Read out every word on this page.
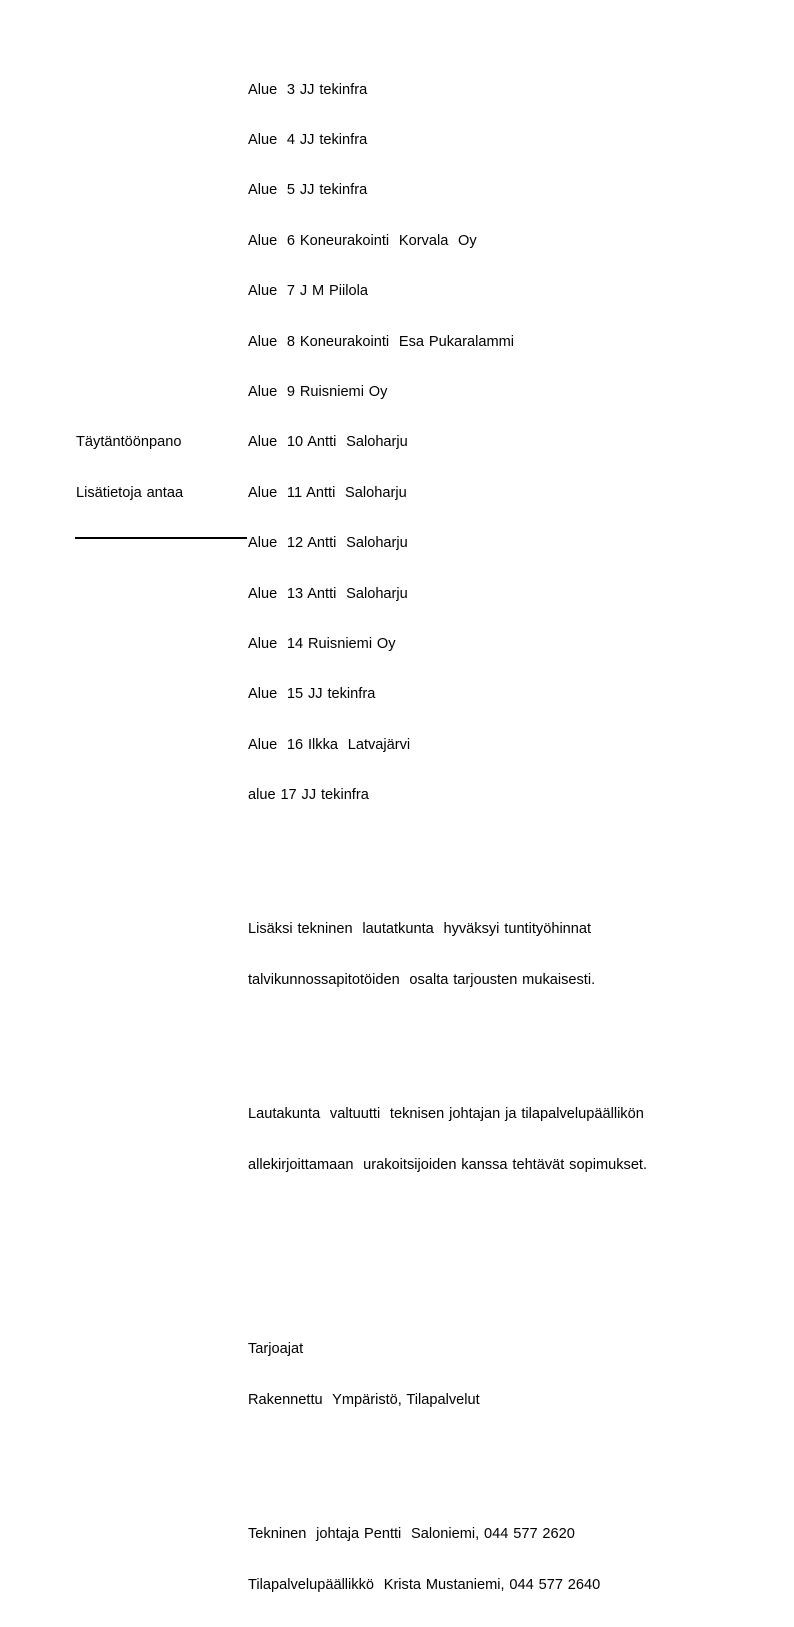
Alue  3 JJ tekinfra

Alue  4 JJ tekinfra

Alue  5 JJ tekinfra

Alue  6 Koneurakointi  Korvala  Oy

Alue  7 J M Piilola

Alue  8 Koneurakointi  Esa Pukaralammi

Alue  9 Ruisniemi Oy

Alue  10 Antti  Saloharju

Alue  11 Antti  Saloharju

Alue  12 Antti  Saloharju

Alue  13 Antti  Saloharju

Alue  14 Ruisniemi Oy

Alue  15 JJ tekinfra

Alue  16 Ilkka  Latvajärvi

alue 17 JJ tekinfra

Lisäksi tekninen  lautatkunta  hyväksyi tuntityöhinnat

talvikunnossapitotöiden  osalta tarjousten mukaisesti.

Lautakunta  valtuutti  teknisen johtajan ja tilapalvelupäällikön

allekirjoittamaan  urakoitsijoiden kanssa tehtävät sopimukset.

Tarjoajat

Rakennettu  Ympäristö, Tilapalvelut

Tekninen  johtaja Pentti  Saloniemi, 044 577 2620

Tilapalvelupäällikkö  Krista Mustaniemi, 044 577 2640

Täytäntöönpano
Lisätietoja antaa
